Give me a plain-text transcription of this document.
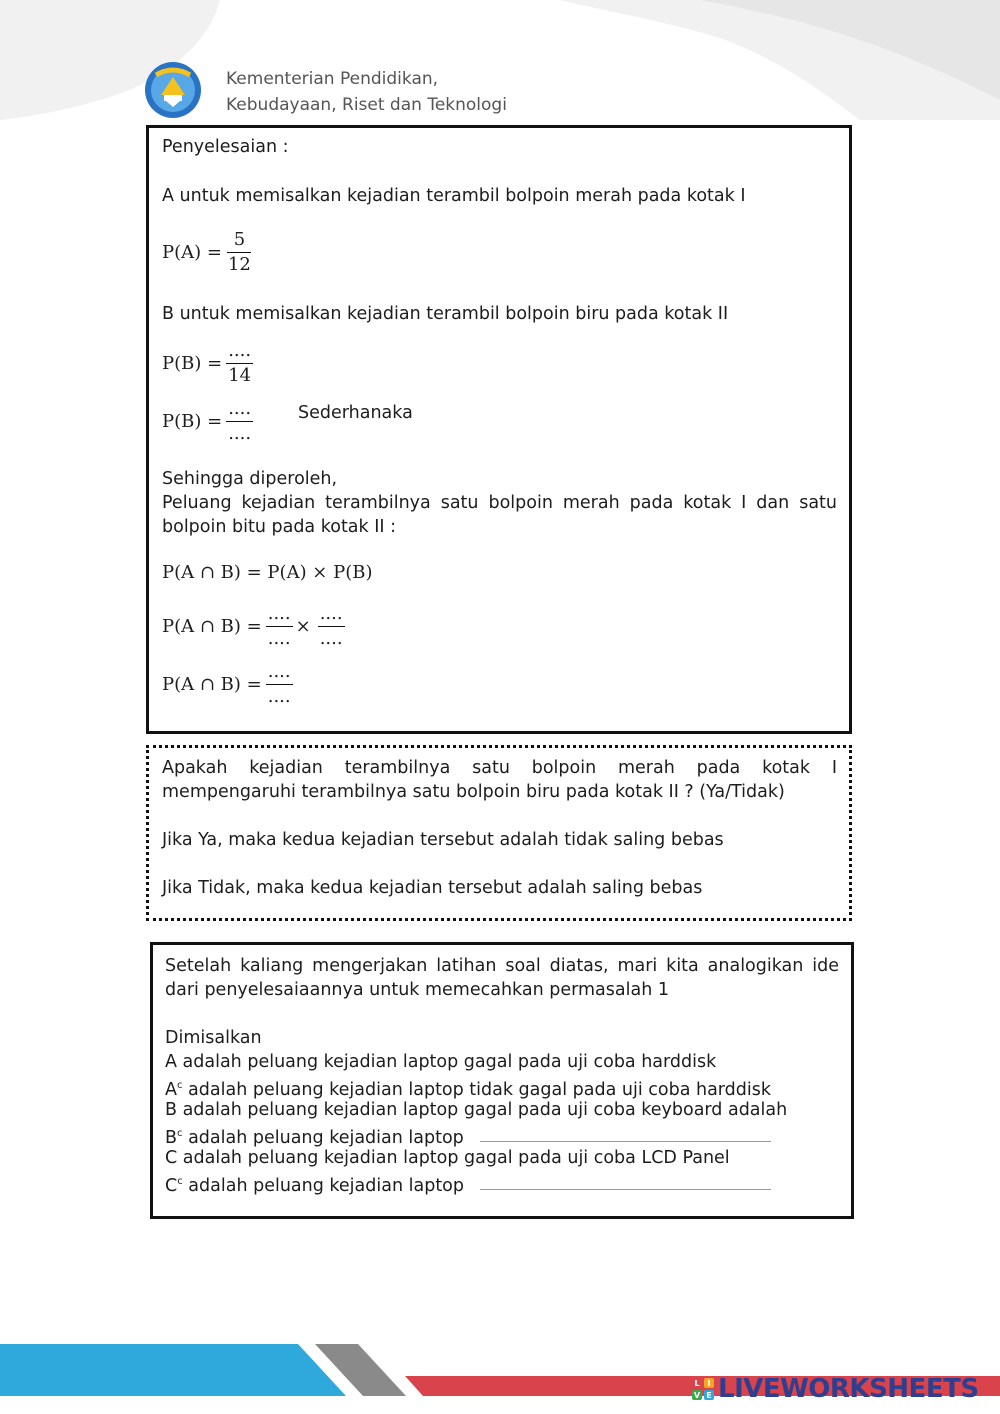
Kementerian Pendidikan,
Kebudayaan, Riset dan Teknologi
Penyelesaian :
A untuk memisalkan kejadian terambil bolpoin merah pada kotak I
$P(A) = \frac{5}{12}$
B untuk memisalkan kejadian terambil bolpoin biru pada kotak II
$P(B) = \frac{....}{14}$
$P(B) = \frac{....}{....}$	Sederhanaka
Sehingga diperoleh,
Peluang kejadian terambilnya satu bolpoin merah pada kotak I dan satu
bolpoin bitu pada kotak II :
P(A ∩ B) = P(A) × P(B)
P(A ∩ $B) = \frac{....}{....} \times \frac{....}{....}$
P(A ∩ $B) = \frac{....}{....}$
Apakah kejadian terambilnya satu bolpoin merah pada kotak I
mempengaruhi terambilnya satu bolpoin biru pada kotak II ? (Ya/Tidak)
Jika Ya, maka kedua kejadian tersebut adalah tidak saling bebas
Jika Tidak, maka kedua kejadian tersebut adalah saling bebas
Setelah kaliang mengerjakan latihan soal diatas, mari kita analogikan ide
dari penyelesaiaannya untuk memecahkan permasalah 1
Dimisalkan
A adalah peluang kejadian laptop gagal pada uji coba harddisk
$A^c$ adalah peluang kejadian laptop tidak gagal pada uji coba harddisk
B adalah peluang kejadian laptop gagal pada uji coba keyboard adalah
$B^c$ adalah peluang kejadian laptop
C adalah peluang kejadian laptop gagal pada uji coba LCD Panel
$C^c$ adalah peluang kejadian laptop
L I
V E LIVEWORKSHEETS
